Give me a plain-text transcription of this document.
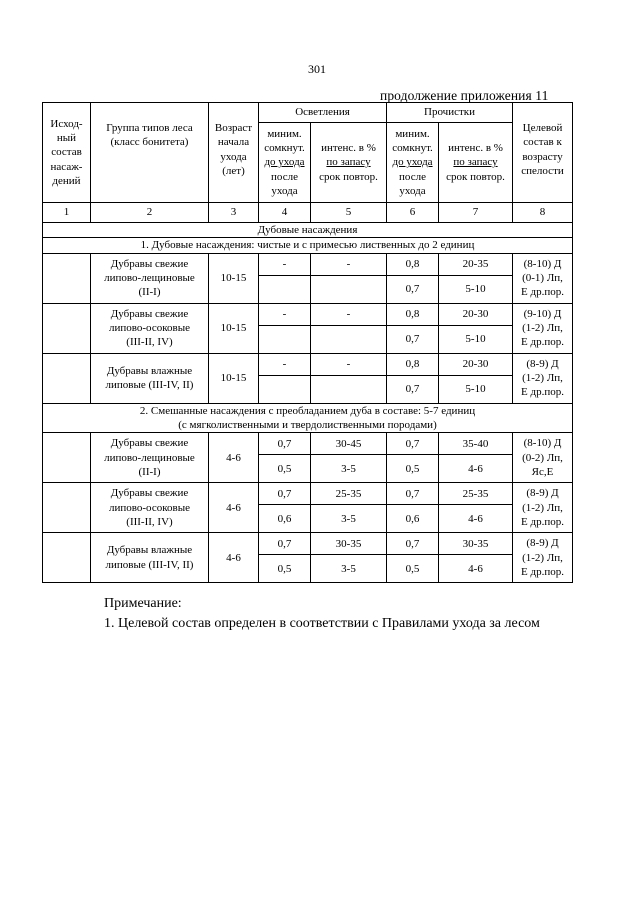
301
продолжение приложения 11
Исход-
ный
состав
насаж-
дений	Группа типов леса
(класс бонитета)	Возраст
начала
ухода
(лет)	Осветления		Прочистки		Целевой
состав к
возрасту
спелости
			миним.
сомкнут.
до ухода
после
ухода	интенс. в %
по запасу
срок повтор.	миним.
сомкнут.
до ухода
после
ухода	интенс. в %
по запасу
срок повтор.	
1	2	3	4	5	6	7	8
Дубовые насаждения							
1. Дубовые насаждения: чистые и с примесью лиственных до 2 единиц							
	Дубравы свежие
липово-лещиновые
(II-I)	10-15	-	-	0,8	20-35	(8-10) Д
(0-1) Лп,
Е др.пор.
					0,7	5-10	
	Дубравы свежие
липово-осоковые
(III-II, IV)	10-15	-	-	0,8	20-30	(9-10) Д
(1-2) Лп,
Е др.пор.
					0,7	5-10	
	Дубравы влажные
липовые (III-IV, II)	10-15	-	-	0,8	20-30	(8-9) Д
(1-2) Лп,
Е др.пор.
					0,7	5-10	
2. Смешанные насаждения с преобладанием дуба в составе: 5-7 единиц
(с мягколиственными и твердолиственными породами)							
	Дубравы свежие
липово-лещиновые
(II-I)	4-6	0,7	30-45	0,7	35-40	(8-10) Д
(0-2) Лп,
Яс,Е
			0,5	3-5	0,5	4-6	
	Дубравы свежие
липово-осоковые
(III-II, IV)	4-6	0,7	25-35	0,7	25-35	(8-9) Д
(1-2) Лп,
Е др.пор.
			0,6	3-5	0,6	4-6	
	Дубравы влажные
липовые (III-IV, II)	4-6	0,7	30-35	0,7	30-35	(8-9) Д
(1-2) Лп,
Е др.пор.
			0,5	3-5	0,5	4-6	
Примечание:
1. Целевой состав определен в соответствии с Правилами ухода за лесом
